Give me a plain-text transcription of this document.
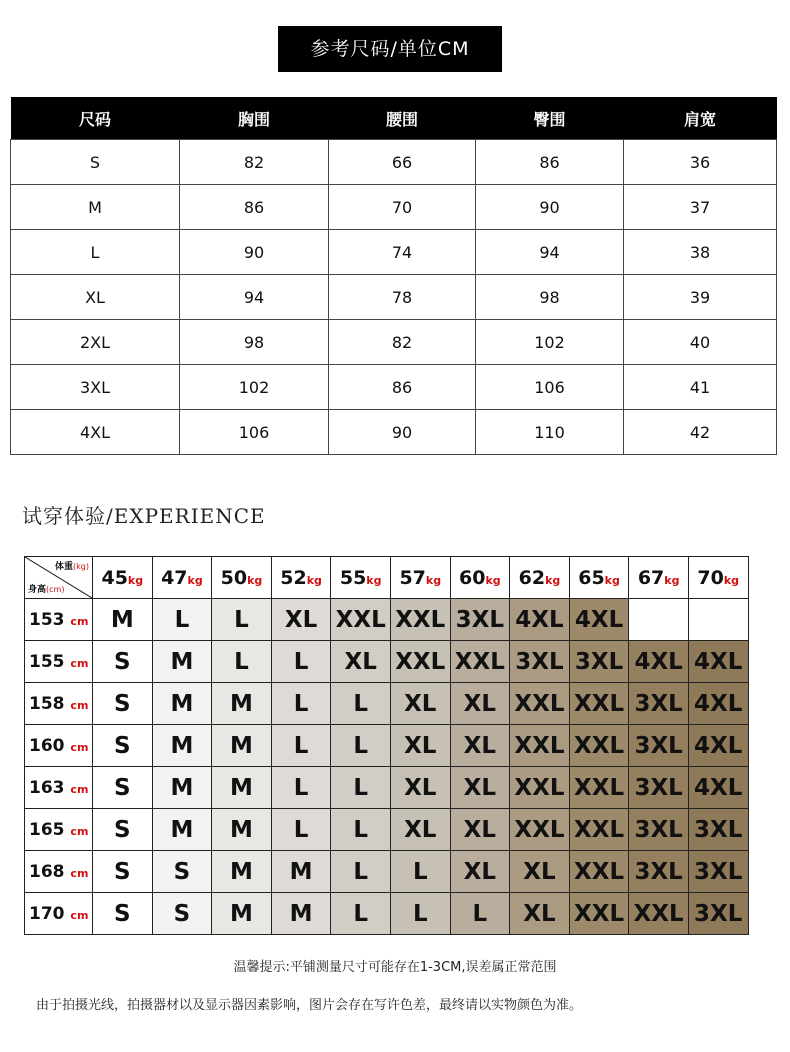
参考尺码/单位CM
尺码	胸围	腰围	臀围	肩宽
S	82	66	86	36
M	86	70	90	37
L	90	74	94	38
XL	94	78	98	39
2XL	98	82	102	40
3XL	102	86	106	41
4XL	106	90	110	42
试穿体验/EXPERIENCE
体重(kg)
身高(cm)	45kg	47kg	50kg	52kg	55kg	57kg	60kg	62kg	65kg	67kg	70kg
153 cm	M	L	L	XL	XXL	XXL	3XL	4XL	4XL		
155 cm	S	M	L	L	XL	XXL	XXL	3XL	3XL	4XL	4XL
158 cm	S	M	M	L	L	XL	XL	XXL	XXL	3XL	4XL
160 cm	S	M	M	L	L	XL	XL	XXL	XXL	3XL	4XL
163 cm	S	M	M	L	L	XL	XL	XXL	XXL	3XL	4XL
165 cm	S	M	M	L	L	XL	XL	XXL	XXL	3XL	3XL
168 cm	S	S	M	M	L	L	XL	XL	XXL	3XL	3XL
170 cm	S	S	M	M	L	L	L	XL	XXL	XXL	3XL
温馨提示:平铺测量尺寸可能存在1-3CM,误差属正常范围
由于拍摄光线，拍摄器材以及显示器因素影响，图片会存在写许色差，最终请以实物颜色为准。
